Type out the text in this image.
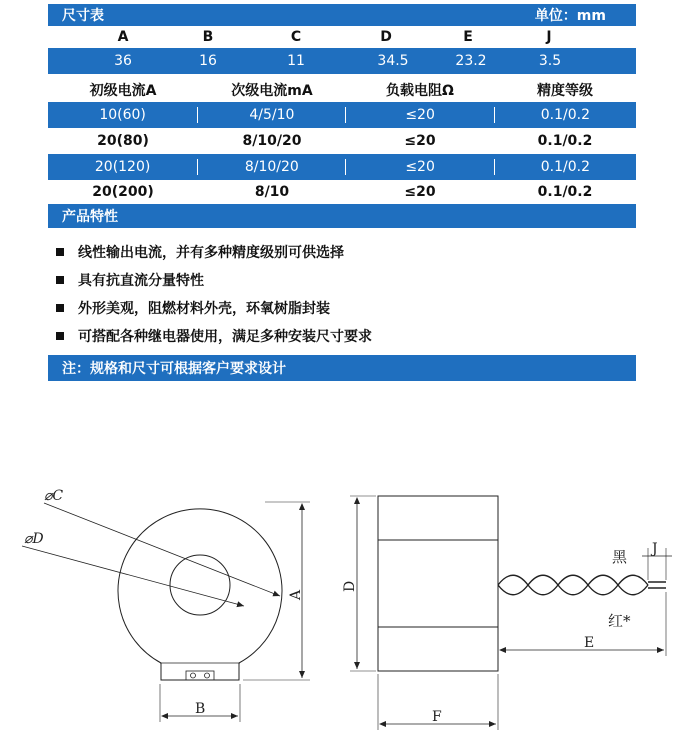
尺寸表	单位：mm
A	B	C	D	E	J
36	16	11	34.5	23.2	3.5
初级电流A	次级电流mA	负载电阻Ω	精度等级
10(60)	4/5/10	≤20	0.1/0.2
20(80)	8/10/20	≤20	0.1/0.2
20(120)	8/10/20	≤20	0.1/0.2
20(200)	8/10	≤20	0.1/0.2
产品特性
线性输出电流，并有多种精度级别可供选择
具有抗直流分量特性
外形美观，阻燃材料外壳，环氧树脂封装
可搭配各种继电器使用，满足多种安装尺寸要求
注：规格和尺寸可根据客户要求设计
⌀C
⌀D
A
B
D
F
E
J
黑
红*
